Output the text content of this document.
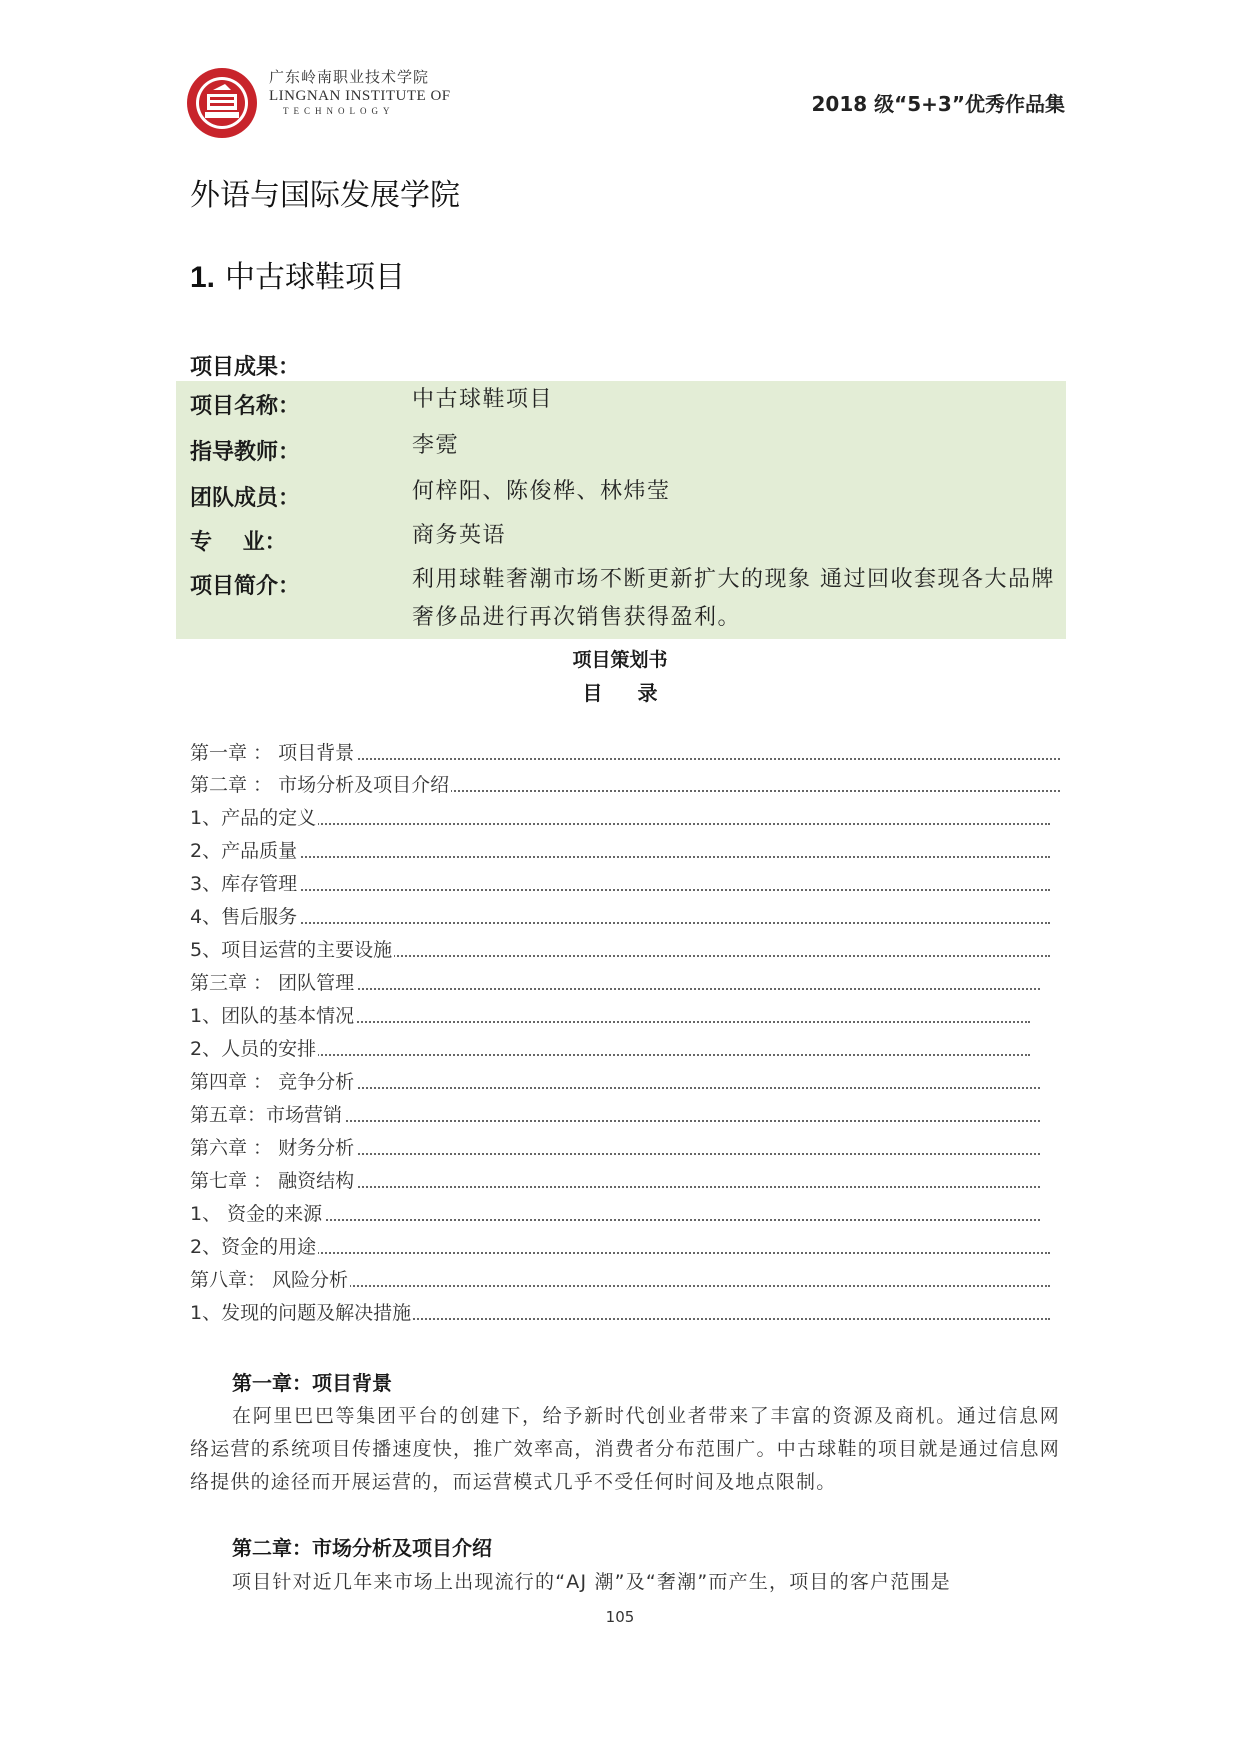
广东岭南职业技术学院
LINGNAN INSTITUTE OF
TECHNOLOGY	2018 级“5+3”优秀作品集
外语与国际发展学院
1. 中古球鞋项目
项目成果：
项目名称：	中古球鞋项目
指导教师：	李霓
团队成员：	何梓阳、陈俊桦、林炜莹
专    业：	商务英语
项目简介：	利用球鞋奢潮市场不断更新扩大的现象 通过回收套现各大品牌奢侈品进行再次销售获得盈利。
项目策划书
目 录
第一章 ： 项目背景
第二章 ： 市场分析及项目介绍
1、产品的定义
2、产品质量
3、库存管理
4、售后服务
5、项目运营的主要设施
第三章 ： 团队管理
1、团队的基本情况
2、人员的安排
第四章 ： 竞争分析
第五章：市场营销
第六章 ： 财务分析
第七章 ： 融资结构
1、 资金的来源
2、资金的用途
第八章： 风险分析
1、发现的问题及解决措施
第一章：项目背景
在阿里巴巴等集团平台的创建下，给予新时代创业者带来了丰富的资源及商机。通过信息网络运营的系统项目传播速度快，推广效率高，消费者分布范围广。中古球鞋的项目就是通过信息网络提供的途径而开展运营的，而运营模式几乎不受任何时间及地点限制。
第二章：市场分析及项目介绍
项目针对近几年来市场上出现流行的“AJ 潮”及“奢潮”而产生，项目的客户范围是
105
